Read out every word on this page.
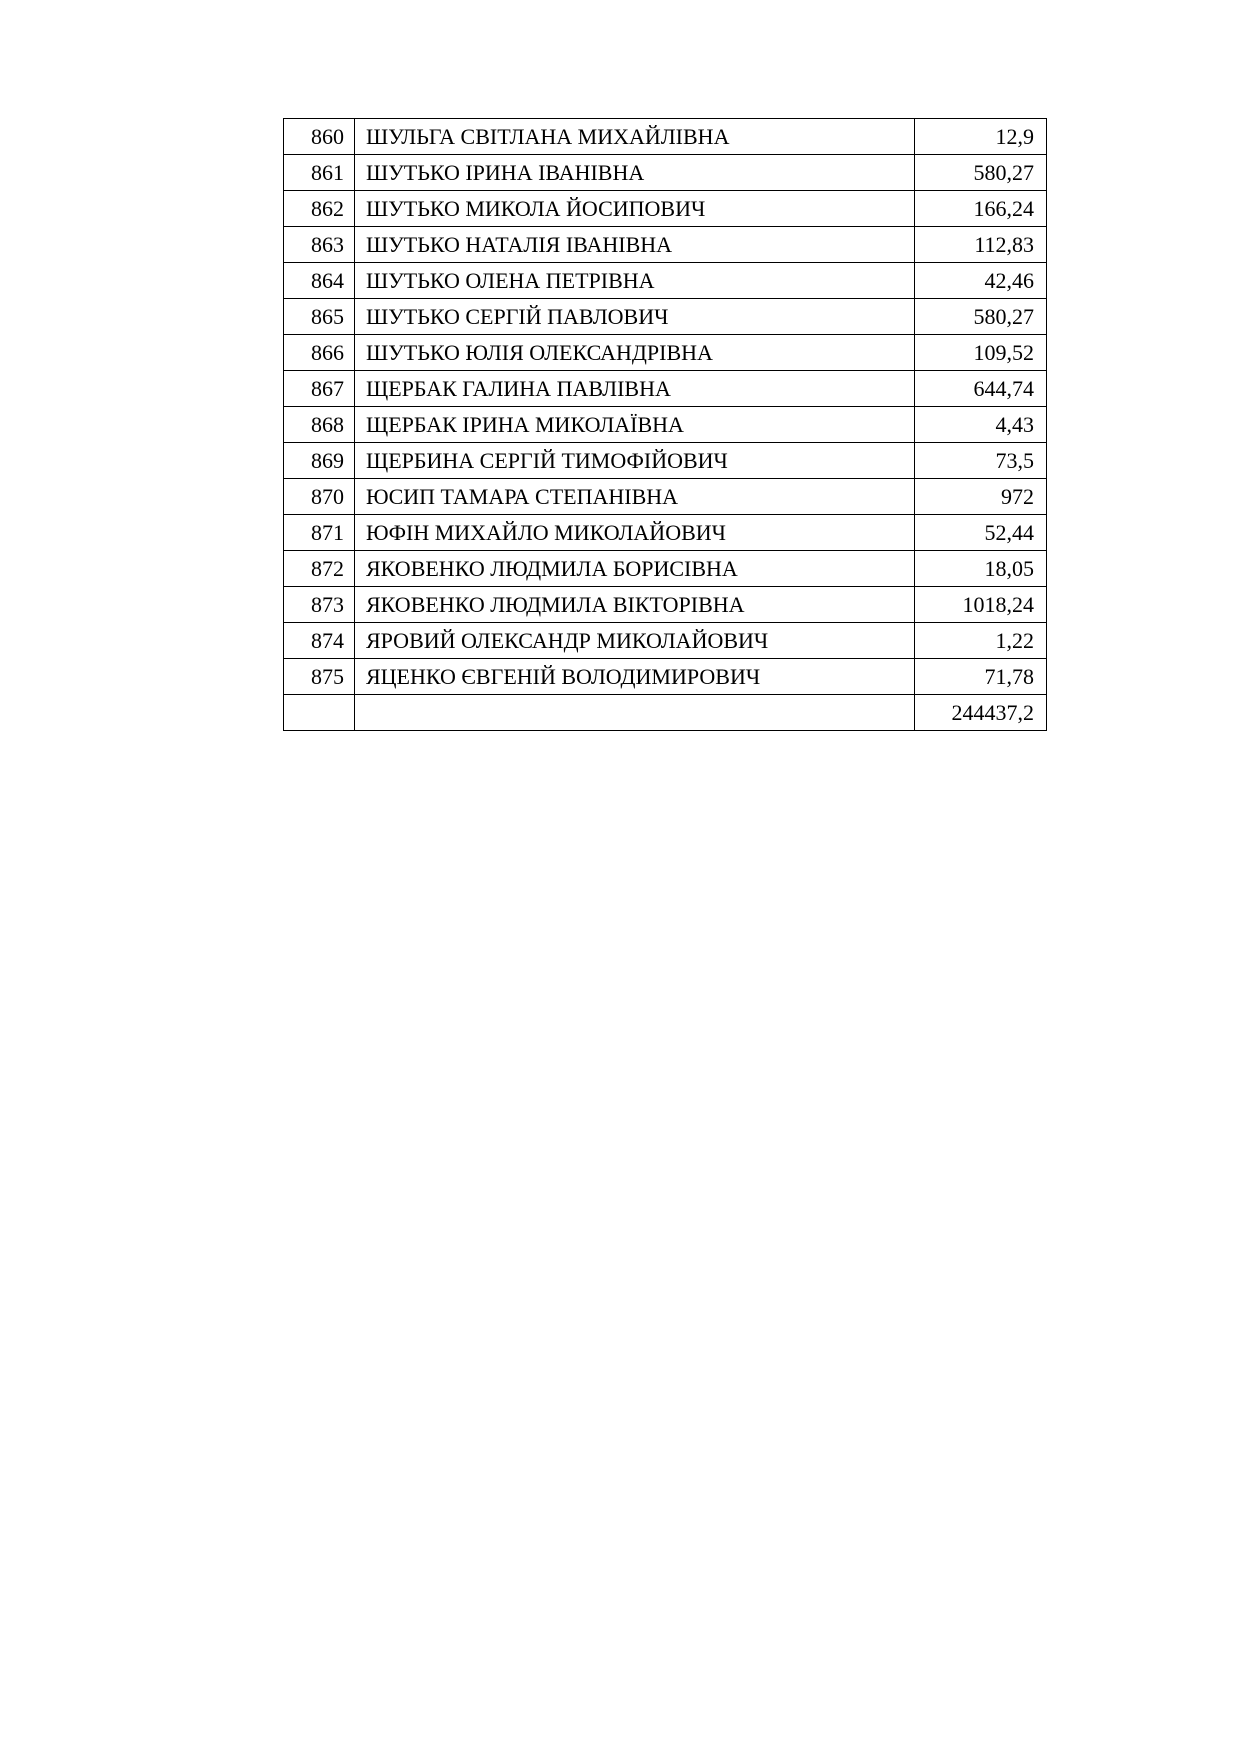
860	ШУЛЬГА СВІТЛАНА МИХАЙЛІВНА	12,9
861	ШУТЬКО ІРИНА ІВАНІВНА	580,27
862	ШУТЬКО МИКОЛА ЙОСИПОВИЧ	166,24
863	ШУТЬКО НАТАЛІЯ ІВАНІВНА	112,83
864	ШУТЬКО ОЛЕНА ПЕТРІВНА	42,46
865	ШУТЬКО СЕРГІЙ ПАВЛОВИЧ	580,27
866	ШУТЬКО ЮЛІЯ ОЛЕКСАНДРІВНА	109,52
867	ЩЕРБАК ГАЛИНА ПАВЛІВНА	644,74
868	ЩЕРБАК ІРИНА МИКОЛАЇВНА	4,43
869	ЩЕРБИНА СЕРГІЙ ТИМОФІЙОВИЧ	73,5
870	ЮСИП ТАМАРА СТЕПАНІВНА	972
871	ЮФІН МИХАЙЛО МИКОЛАЙОВИЧ	52,44
872	ЯКОВЕНКО ЛЮДМИЛА БОРИСІВНА	18,05
873	ЯКОВЕНКО ЛЮДМИЛА ВІКТОРІВНА	1018,24
874	ЯРОВИЙ ОЛЕКСАНДР МИКОЛАЙОВИЧ	1,22
875	ЯЦЕНКО ЄВГЕНІЙ ВОЛОДИМИРОВИЧ	71,78
		244437,2
